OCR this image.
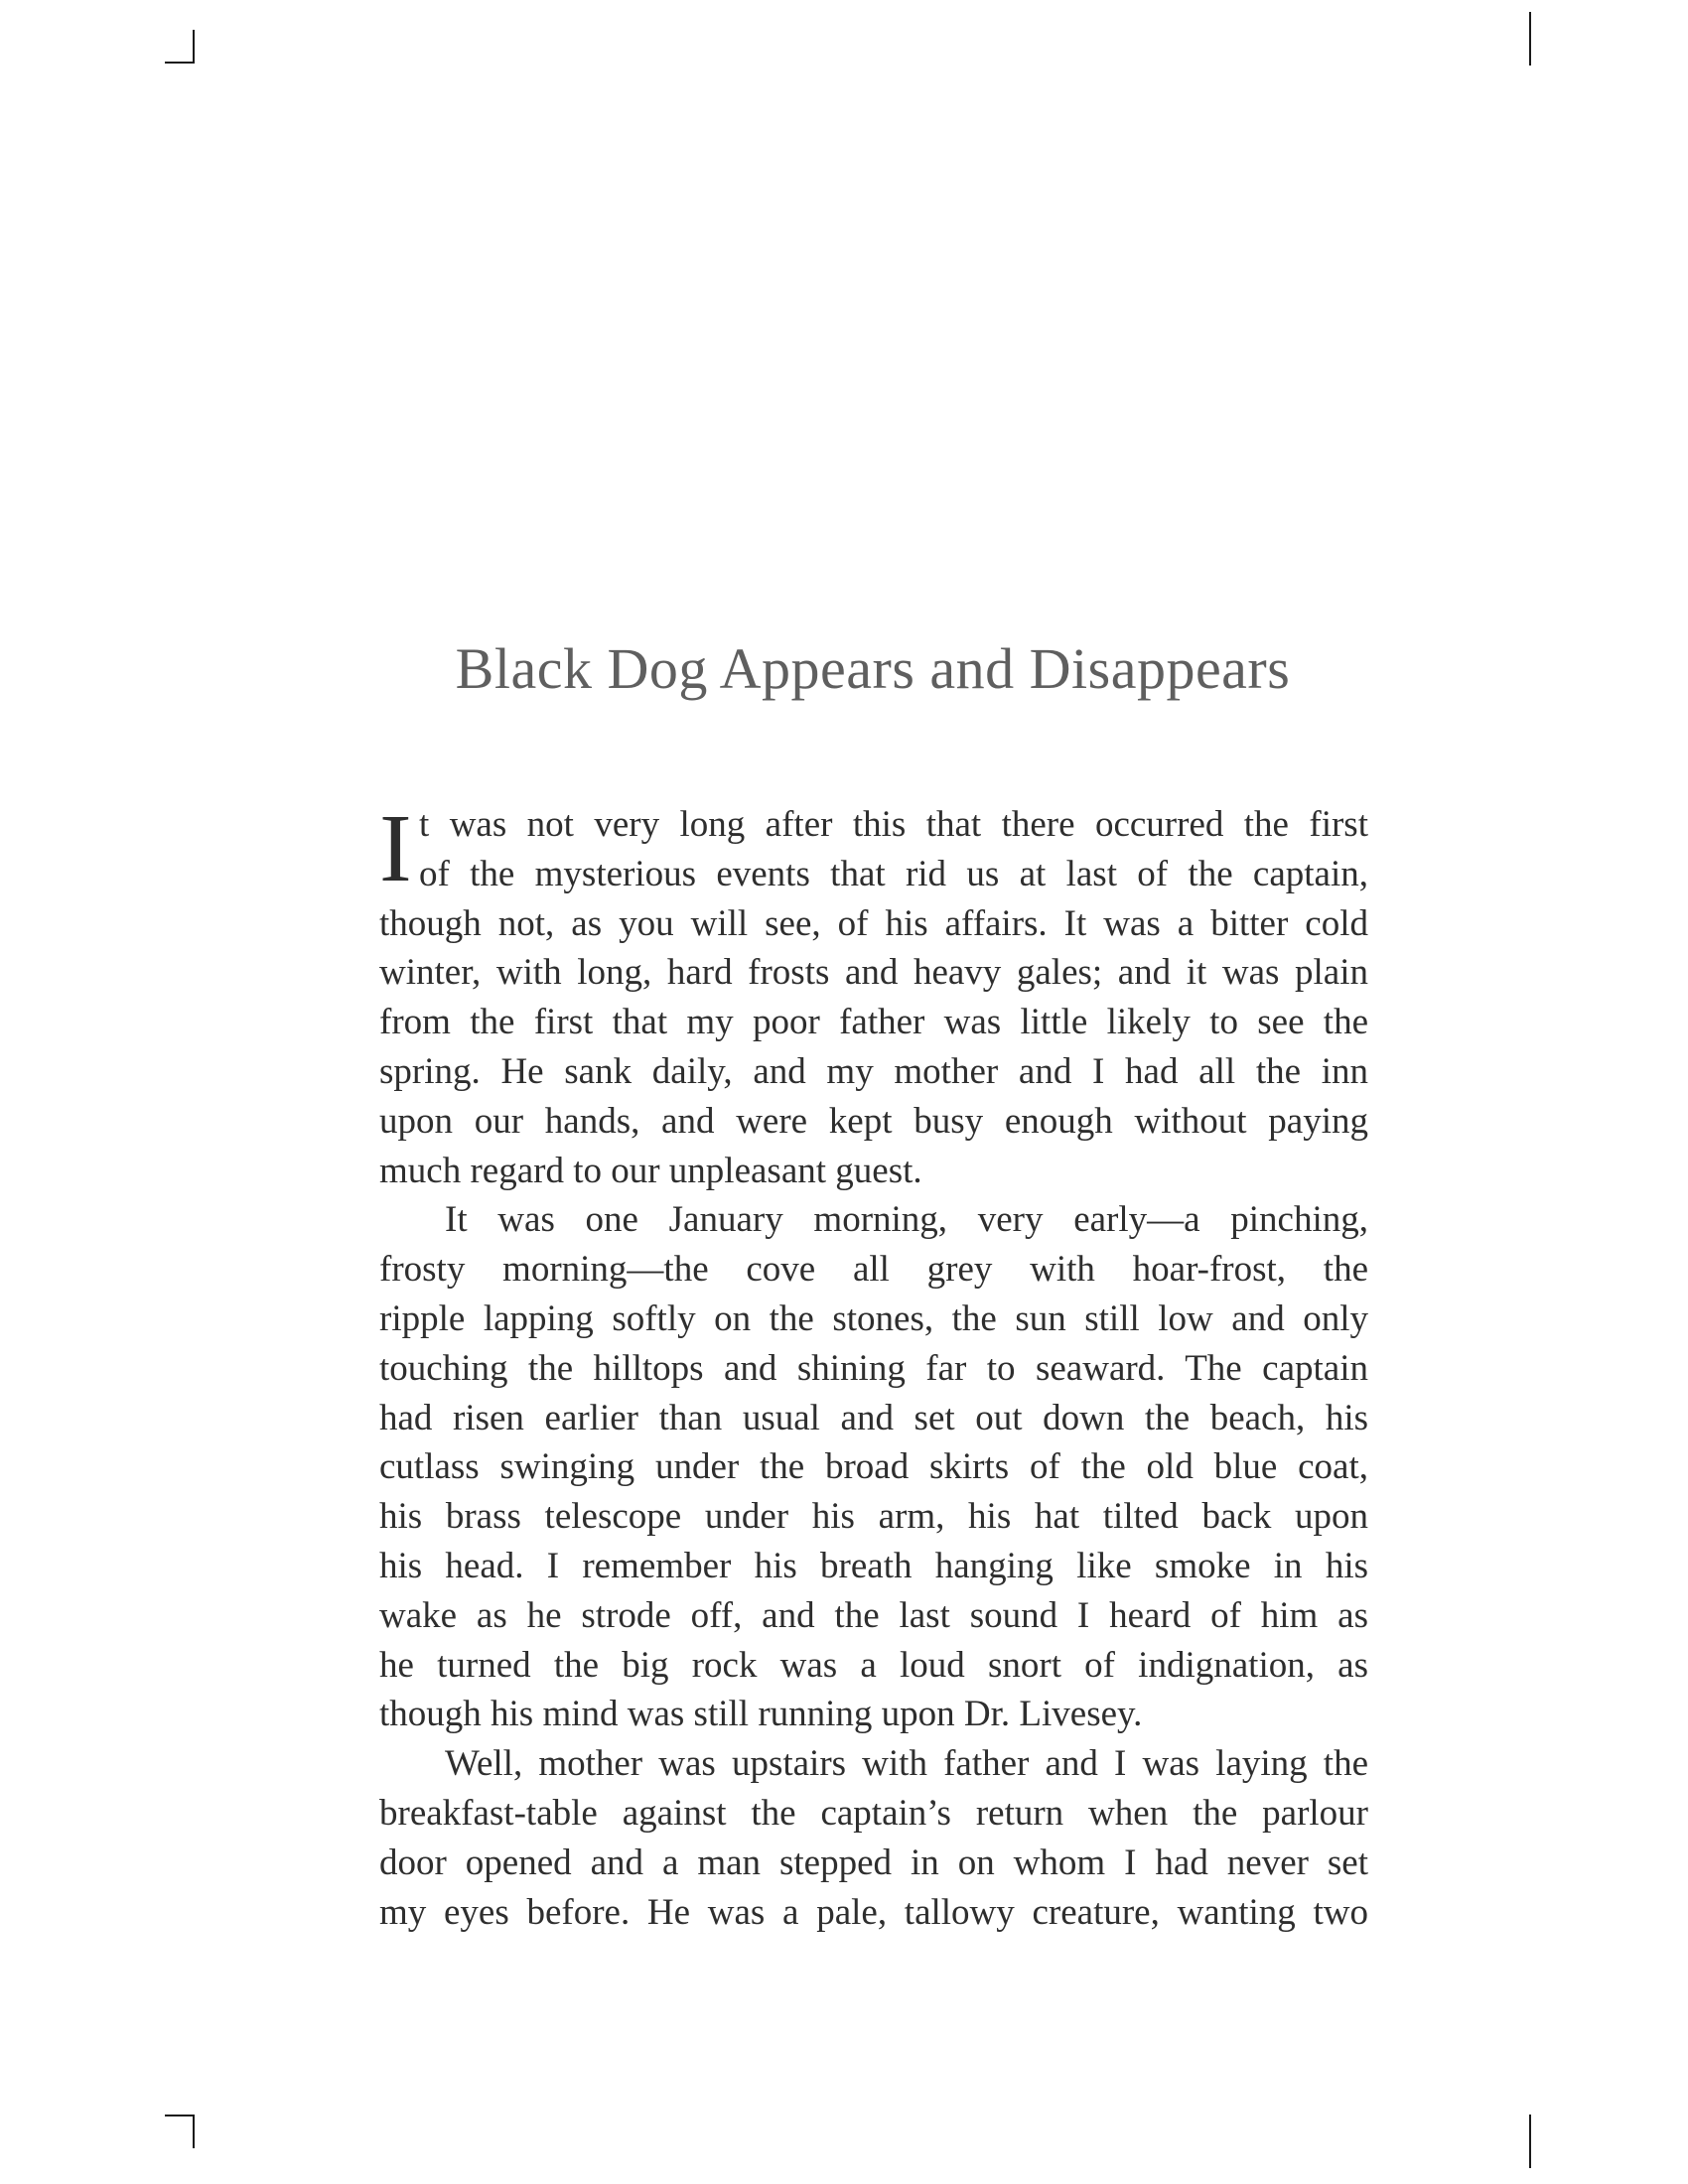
Black Dog Appears and Disappears
I t was not very long after this that there occurred the first
of the mysterious events that rid us at last of the captain,
though not, as you will see, of his affairs. It was a bitter cold
winter, with long, hard frosts and heavy gales; and it was plain
from the first that my poor father was little likely to see the
spring. He sank daily, and my mother and I had all the inn
upon our hands, and were kept busy enough without paying
much regard to our unpleasant guest.
It was one January morning, very early—a pinching,
frosty morning—the cove all grey with hoar-frost, the
ripple lapping softly on the stones, the sun still low and only
touching the hilltops and shining far to seaward. The captain
had risen earlier than usual and set out down the beach, his
cutlass swinging under the broad skirts of the old blue coat,
his brass telescope under his arm, his hat tilted back upon
his head. I remember his breath hanging like smoke in his
wake as he strode off, and the last sound I heard of him as
he turned the big rock was a loud snort of indignation, as
though his mind was still running upon Dr. Livesey.
Well, mother was upstairs with father and I was laying the
breakfast-table against the captain’s return when the parlour
door opened and a man stepped in on whom I had never set
my eyes before. He was a pale, tallowy creature, wanting two
